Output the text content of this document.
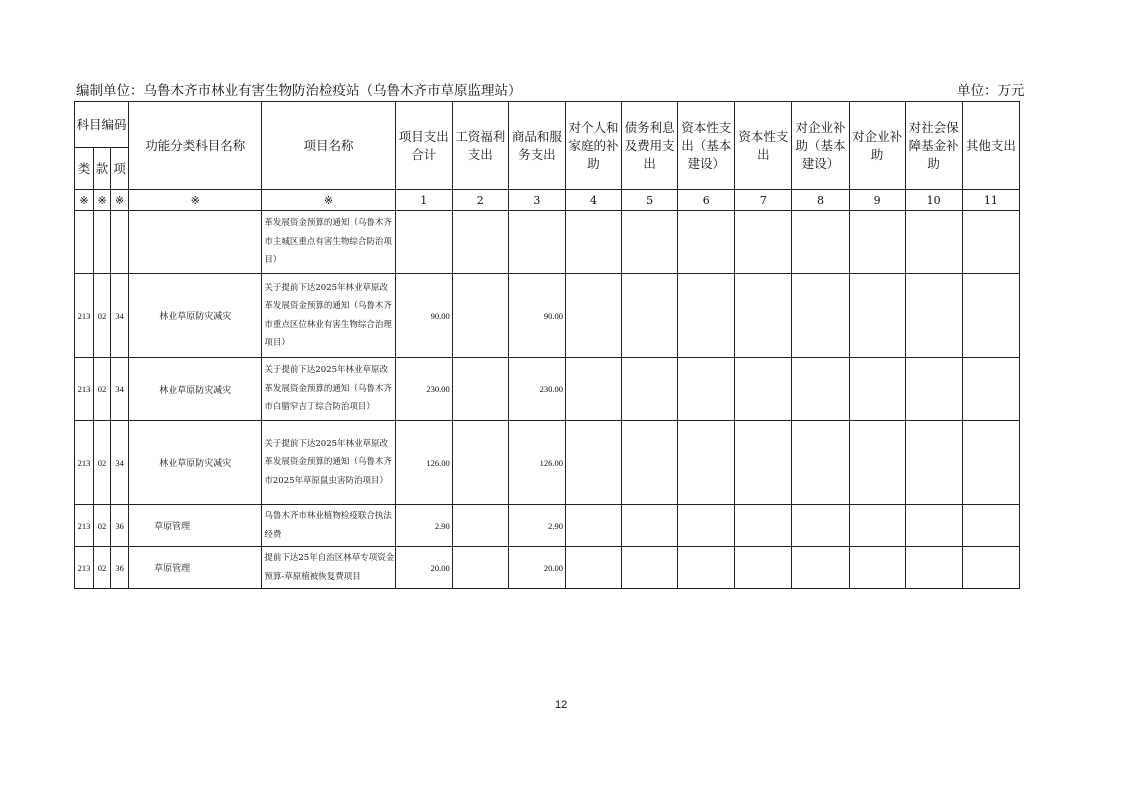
编制单位：乌鲁木齐市林业有害生物防治检疫站（乌鲁木齐市草原监理站）	单位：万元
科目编码			功能分类科目名称	项目名称	项目支出合计	工资福利支出	商品和服务支出	对个人和家庭的补助	债务利息及费用支出	资本性支出（基本建设）	资本性支出	对企业补助（基本建设）	对企业补助	对社会保障基金补助	其他支出
类	款	项													
※	※	※	※	※	1	2	3	4	5	6	7	8	9	10	11
				革发展资金预算的通知（乌鲁木齐市主城区重点有害生物综合防治项目）											
213	02	34	林业草原防灾减灾	关于提前下达2025年林业草原改革发展资金预算的通知（乌鲁木齐市重点区位林业有害生物综合治理项目）	90.00		90.00								
213	02	34	林业草原防灾减灾	关于提前下达2025年林业草原改革发展资金预算的通知（乌鲁木齐市白腊窄吉丁综合防治项目）	230.00		230.00								
213	02	34	林业草原防灾减灾	关于提前下达2025年林业草原改革发展资金预算的通知（乌鲁木齐市2025年草原鼠虫害防治项目）	126.00		126.00								
213	02	36	草原管理	乌鲁木齐市林业植物检疫联合执法经费	2.90		2.90								
213	02	36	草原管理	提前下达25年自治区林草专项资金预算-草原植被恢复费项目	20.00		20.00								
12
